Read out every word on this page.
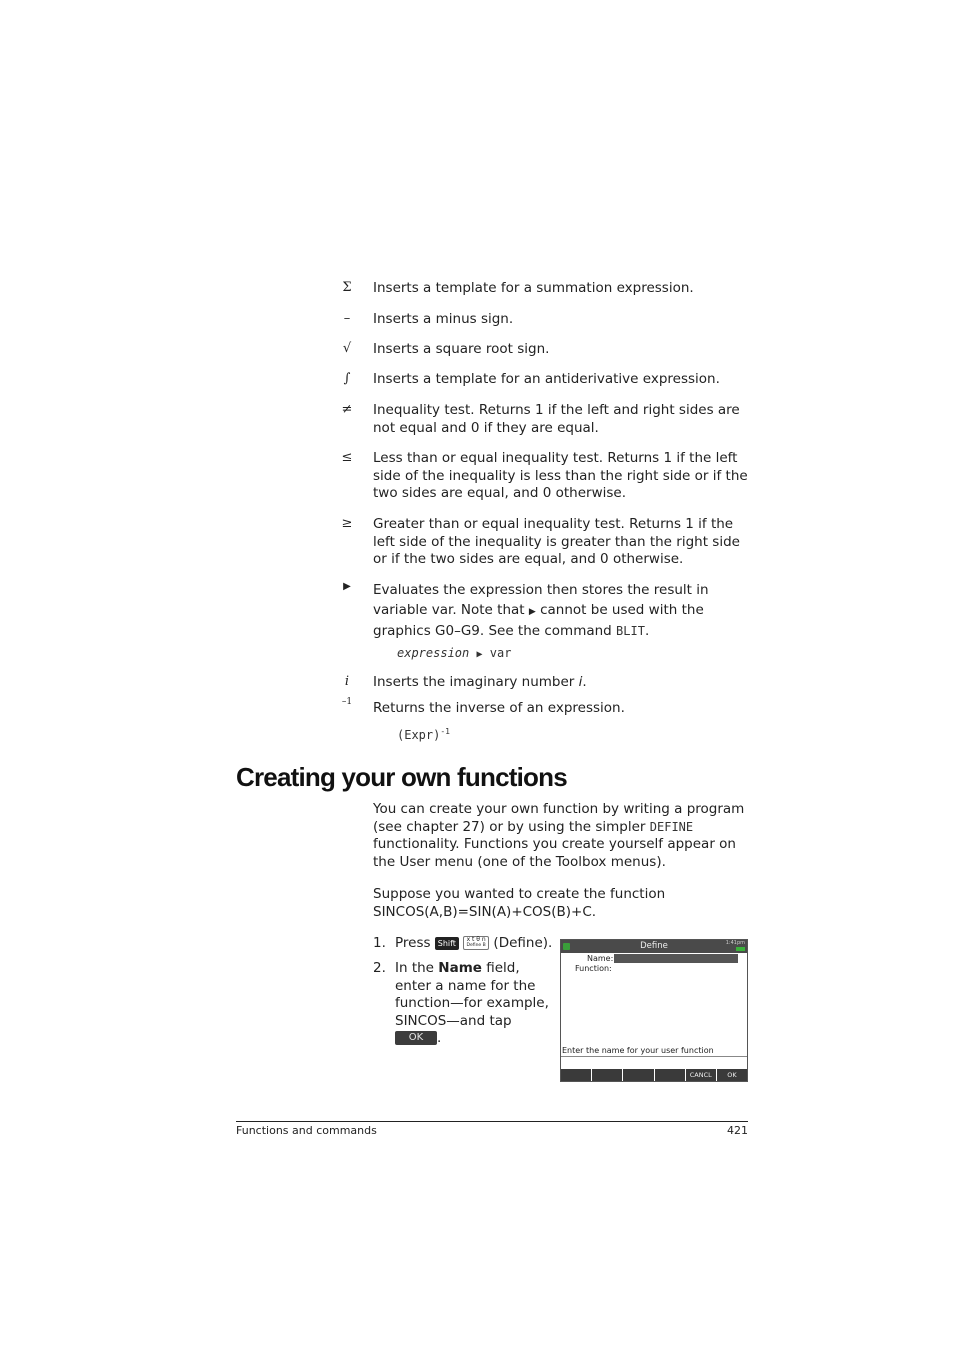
Σ	Inserts a template for a summation expression.
–	Inserts a minus sign.
√	Inserts a square root sign.
∫	Inserts a template for an antiderivative expression.
≠	Inequality test. Returns 1 if the left and right sides are not equal and 0 if they are equal.
≤	Less than or equal inequality test. Returns 1 if the left side of the inequality is less than the right side or if the two sides are equal, and 0 otherwise.
≥	Greater than or equal inequality test. Returns 1 if the left side of the inequality is greater than the right side or if the two sides are equal, and 0 otherwise.
▶	Evaluates the expression then stores the result in variable var. Note that ▶ cannot be used with the graphics G0–G9. See the command BLIT.
expression ▶ var
i	Inserts the imaginary number i.
–1	Returns the inverse of an expression.
(Expr)$^{-1}$
Creating your own functions
You can create your own function by writing a program (see chapter 27) or by using the simpler DEFINE functionality. Functions you create yourself appear on the User menu (one of the Toolbox menus).
Suppose you wanted to create the function
SINCOS(A,B)=SIN(A)+COS(B)+C.
1. Press Shift	x t θ n
Define B (Define).
2. In the Name field, enter a name for the function—for example, SINCOS—and tap OK .
Define	1:41pm
Name:
Function:
Enter the name for your user function
CANCL	OK
Functions and commands	421
